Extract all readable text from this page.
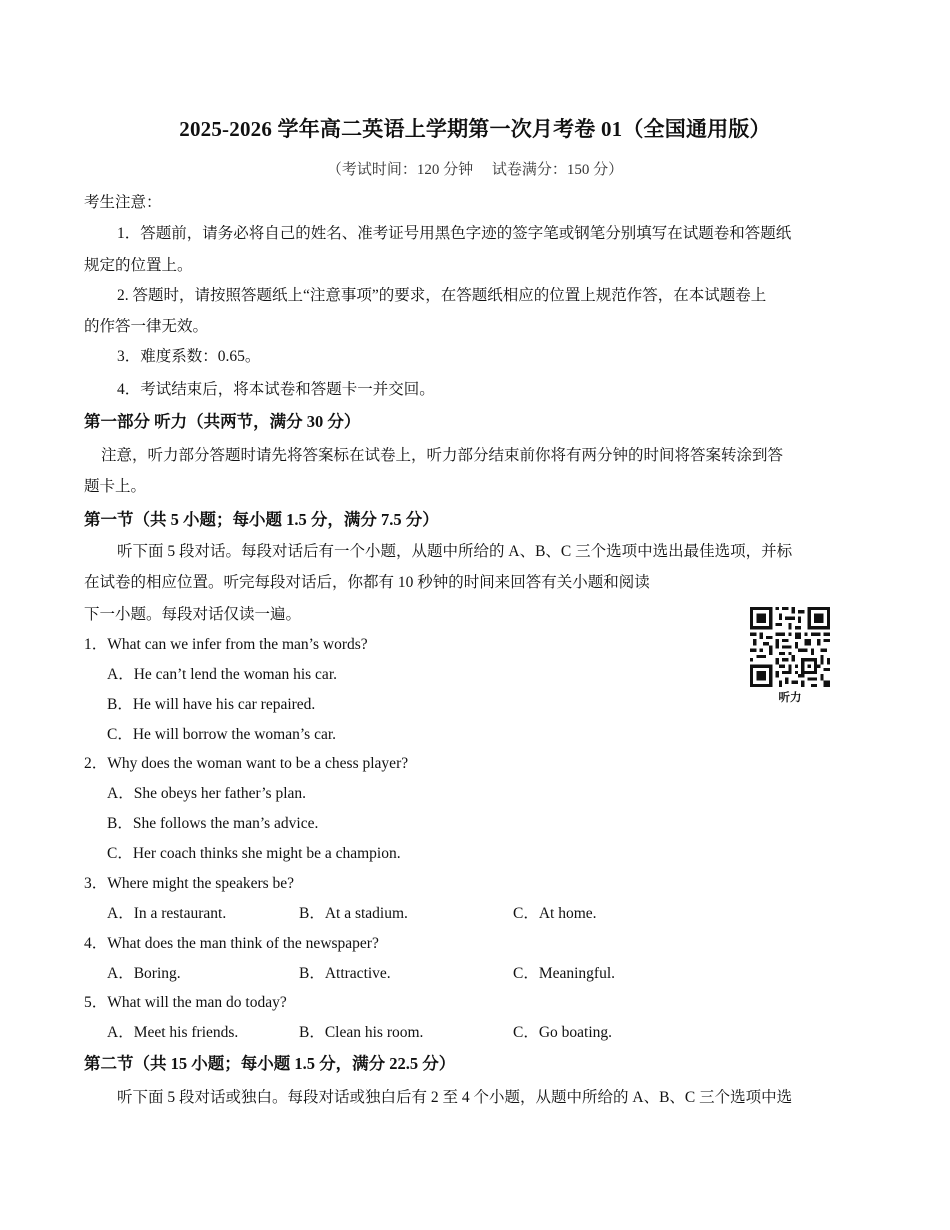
2025-2026 学年高二英语上学期第一次月考卷 01（全国通用版）
（考试时间：120 分钟　 试卷满分：150 分）
考生注意：
1．答题前，请务必将自己的姓名、准考证号用黑色字迹的签字笔或钢笔分别填写在试题卷和答题纸
规定的位置上。
2. 答题时，请按照答题纸上“注意事项”的要求，在答题纸相应的位置上规范作答，在本试题卷上
的作答一律无效。
3．难度系数：0.65。
4．考试结束后，将本试卷和答题卡一并交回。
第一部分 听力（共两节，满分 30 分）
注意，听力部分答题时请先将答案标在试卷上，听力部分结束前你将有两分钟的时间将答案转涂到答
题卡上。
第一节（共 5 小题；每小题 1.5 分，满分 7.5 分）
听下面 5 段对话。每段对话后有一个小题，从题中所给的 A、B、C 三个选项中选出最佳选项，并标
在试卷的相应位置。听完每段对话后，你都有 10 秒钟的时间来回答有关小题和阅读
下一小题。每段对话仅读一遍。
听力
1．What can we infer from the man’s words?
A．He can’t lend the woman his car.
B．He will have his car repaired.
C．He will borrow the woman’s car.
2．Why does the woman want to be a chess player?
A．She obeys her father’s plan.
B．She follows the man’s advice.
C．Her coach thinks she might be a champion.
3．Where might the speakers be?
A．In a restaurant.	B．At a stadium.	C．At home.
4．What does the man think of the newspaper?
A．Boring.	B．Attractive.	C．Meaningful.
5．What will the man do today?
A．Meet his friends.	B．Clean his room.	C．Go boating.
第二节（共 15 小题；每小题 1.5 分，满分 22.5 分）
听下面 5 段对话或独白。每段对话或独白后有 2 至 4 个小题，从题中所给的 A、B、C 三个选项中选
